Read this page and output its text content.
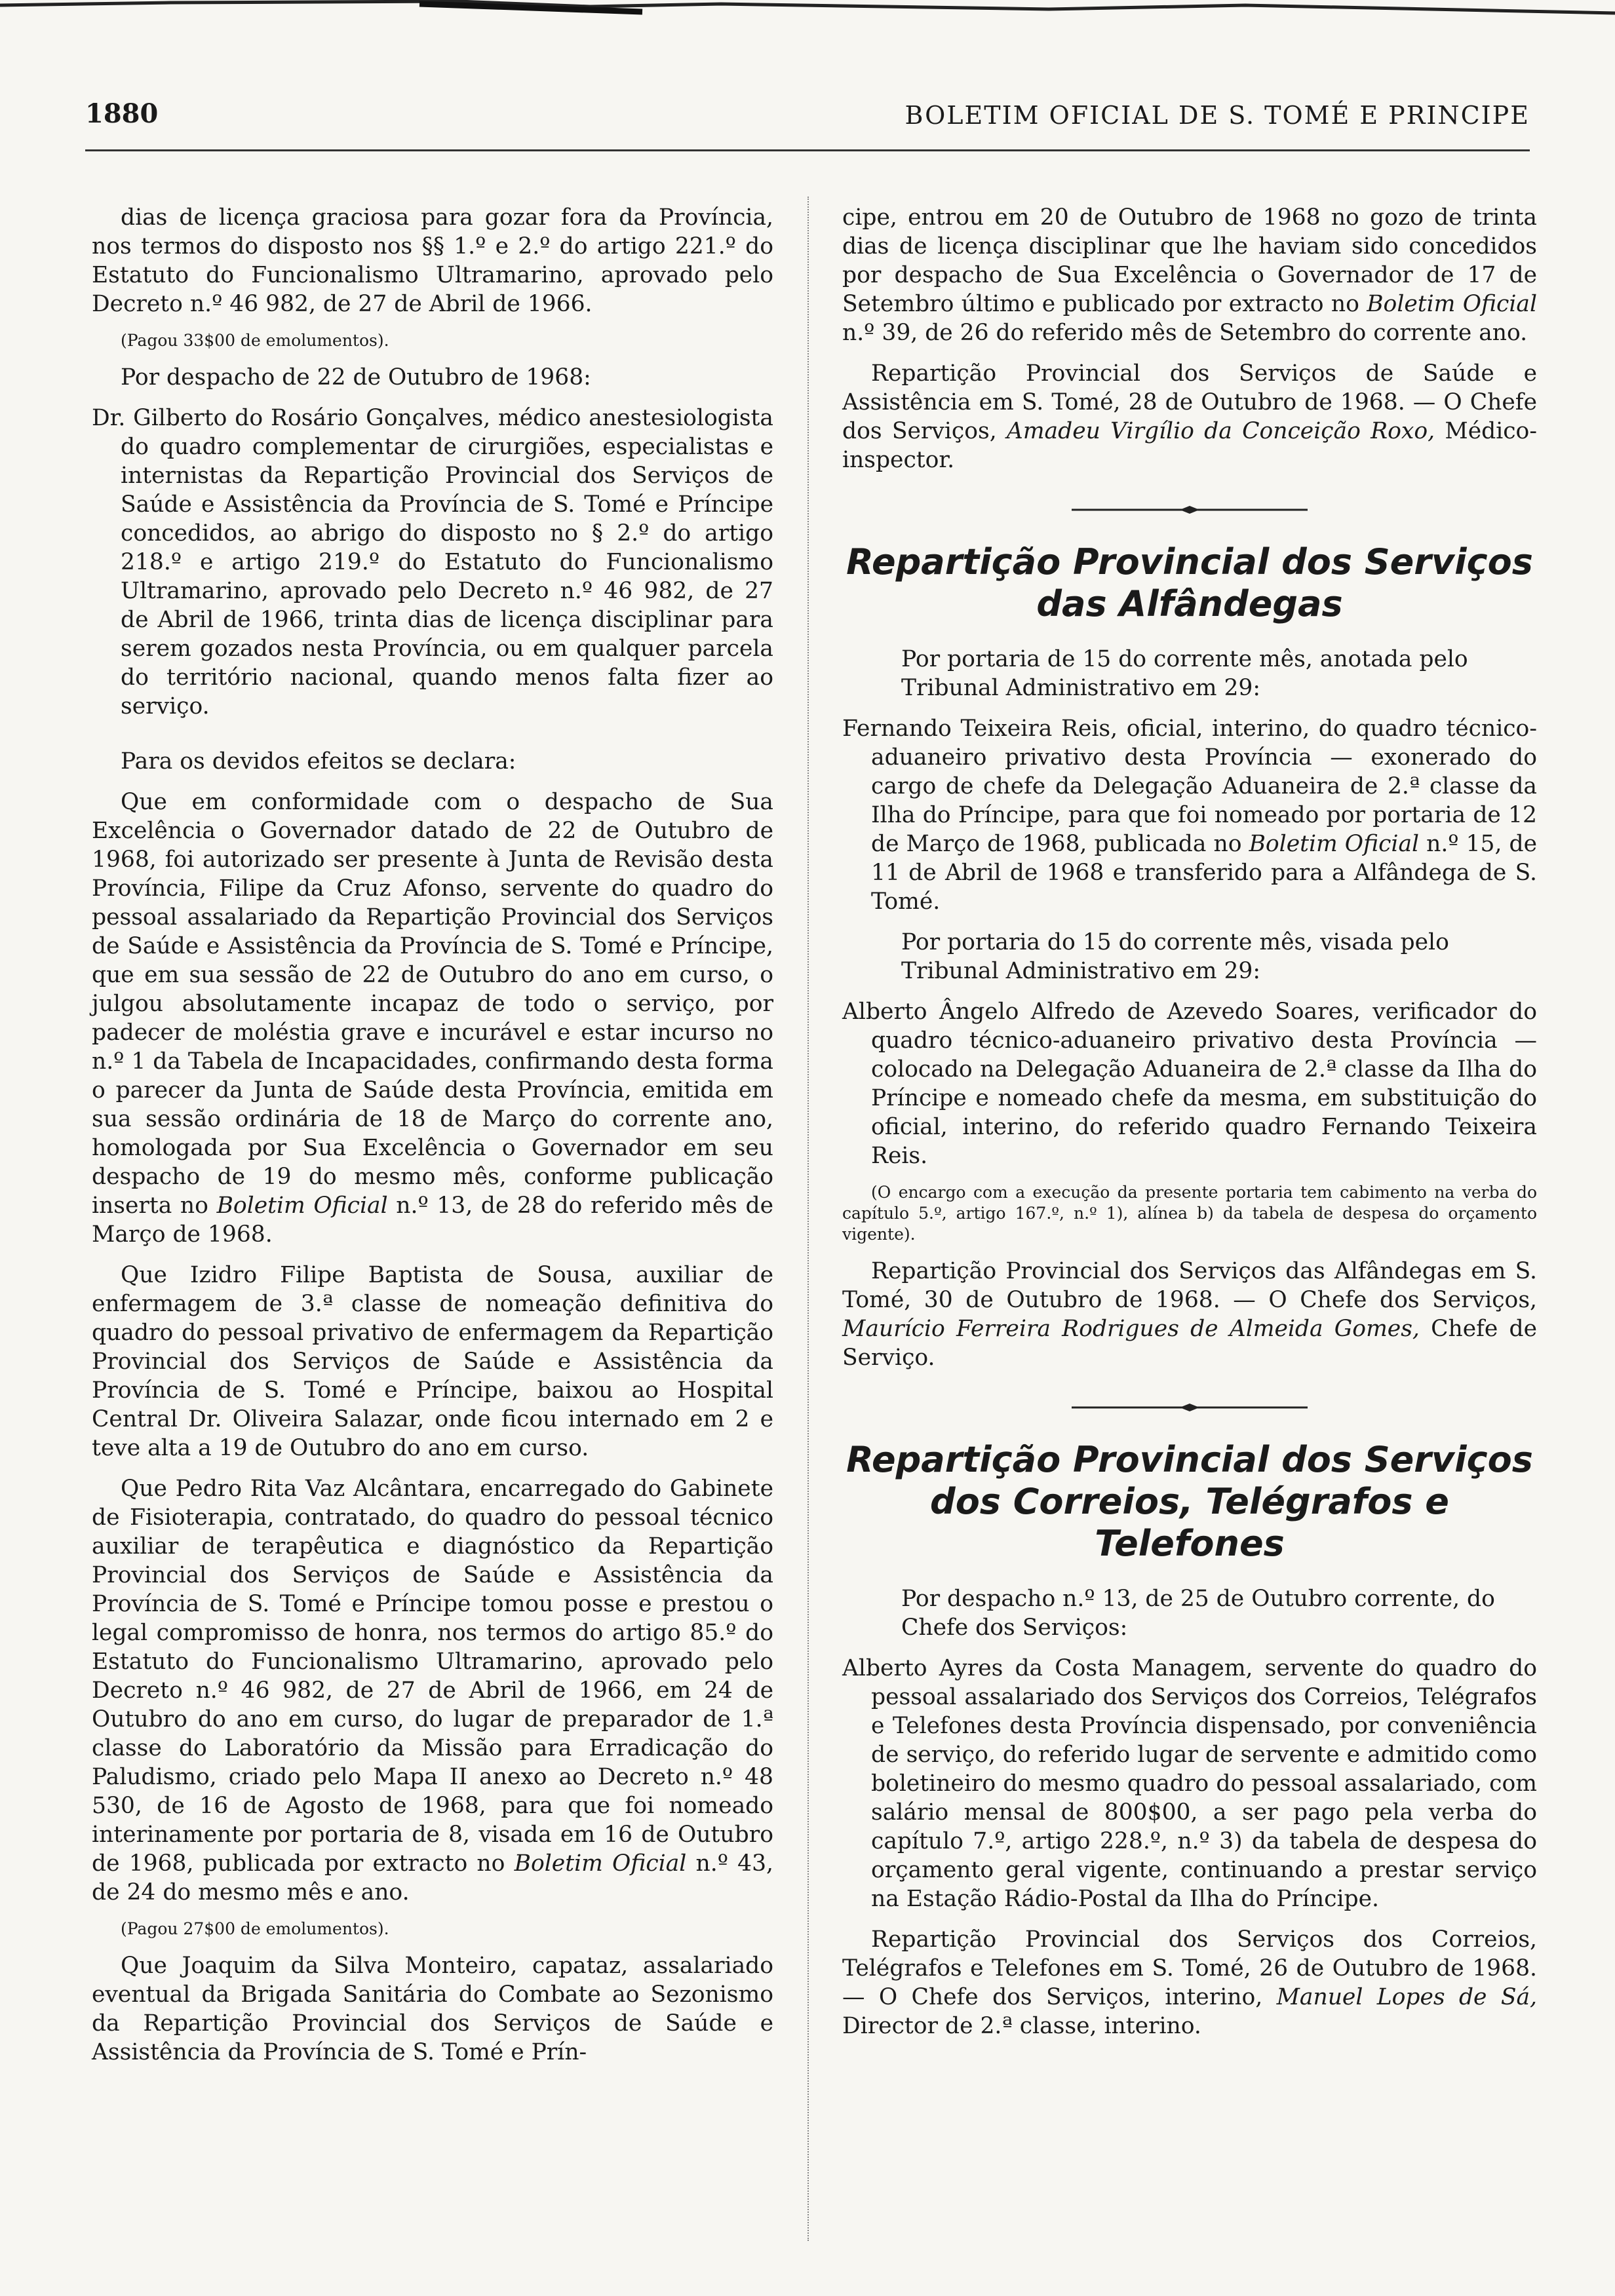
1880	BOLETIM OFICIAL DE S. TOMÉ E PRINCIPE

dias de licença graciosa para gozar fora da Província, nos termos do disposto nos §§ 1.º e 2.º do artigo 221.º do Estatuto do Funcionalismo Ultramarino, aprovado pelo Decreto n.º 46 982, de 27 de Abril de 1966.

(Pagou 33$00 de emolumentos).

Por despacho de 22 de Outubro de 1968:

Dr. Gilberto do Rosário Gonçalves, médico anestesiologista do quadro complementar de cirurgiões, especialistas e internistas da Repartição Provincial dos Serviços de Saúde e Assistência da Província de S. Tomé e Príncipe concedidos, ao abrigo do disposto no § 2.º do artigo 218.º e artigo 219.º do Estatuto do Funcionalismo Ultramarino, aprovado pelo Decreto n.º 46 982, de 27 de Abril de 1966, trinta dias de licença disciplinar para serem gozados nesta Província, ou em qualquer parcela do território nacional, quando menos falta fizer ao serviço.

Para os devidos efeitos se declara:

Que em conformidade com o despacho de Sua Excelência o Governador datado de 22 de Outubro de 1968, foi autorizado ser presente à Junta de Revisão desta Província, Filipe da Cruz Afonso, servente do quadro do pessoal assalariado da Repartição Provincial dos Serviços de Saúde e Assistência da Província de S. Tomé e Príncipe, que em sua sessão de 22 de Outubro do ano em curso, o julgou absolutamente incapaz de todo o serviço, por padecer de moléstia grave e incurável e estar incurso no n.º 1 da Tabela de Incapacidades, confirmando desta forma o parecer da Junta de Saúde desta Província, emitida em sua sessão ordinária de 18 de Março do corrente ano, homologada por Sua Excelência o Governador em seu despacho de 19 do mesmo mês, conforme publicação inserta no Boletim Oficial n.º 13, de 28 do referido mês de Março de 1968.

Que Izidro Filipe Baptista de Sousa, auxiliar de enfermagem de 3.ª classe de nomeação definitiva do quadro do pessoal privativo de enfermagem da Repartição Provincial dos Serviços de Saúde e Assistência da Província de S. Tomé e Príncipe, baixou ao Hospital Central Dr. Oliveira Salazar, onde ficou internado em 2 e teve alta a 19 de Outubro do ano em curso.

Que Pedro Rita Vaz Alcântara, encarregado do Gabinete de Fisioterapia, contratado, do quadro do pessoal técnico auxiliar de terapêutica e diagnóstico da Repartição Provincial dos Serviços de Saúde e Assistência da Província de S. Tomé e Príncipe tomou posse e prestou o legal compromisso de honra, nos termos do artigo 85.º do Estatuto do Funcionalismo Ultramarino, aprovado pelo Decreto n.º 46 982, de 27 de Abril de 1966, em 24 de Outubro do ano em curso, do lugar de preparador de 1.ª classe do Laboratório da Missão para Erradicação do Paludismo, criado pelo Mapa II anexo ao Decreto n.º 48 530, de 16 de Agosto de 1968, para que foi nomeado interinamente por portaria de 8, visada em 16 de Outubro de 1968, publicada por extracto no Boletim Oficial n.º 43, de 24 do mesmo mês e ano.

(Pagou 27$00 de emolumentos).

Que Joaquim da Silva Monteiro, capataz, assalariado eventual da Brigada Sanitária do Combate ao Sezonismo da Repartição Provincial dos Serviços de Saúde e Assistência da Província de S. Tomé e Prín-

cipe, entrou em 20 de Outubro de 1968 no gozo de trinta dias de licença disciplinar que lhe haviam sido concedidos por despacho de Sua Excelência o Governador de 17 de Setembro último e publicado por extracto no Boletim Oficial n.º 39, de 26 do referido mês de Setembro do corrente ano.

Repartição Provincial dos Serviços de Saúde e Assistência em S. Tomé, 28 de Outubro de 1968. — O Chefe dos Serviços, Amadeu Virgílio da Conceição Roxo, Médico-inspector.

Repartição Provincial dos Serviços
das Alfândegas

Por portaria de 15 do corrente mês, anotada pelo Tribunal Administrativo em 29:

Fernando Teixeira Reis, oficial, interino, do quadro técnico-aduaneiro privativo desta Província — exonerado do cargo de chefe da Delegação Aduaneira de 2.ª classe da Ilha do Príncipe, para que foi nomeado por portaria de 12 de Março de 1968, publicada no Boletim Oficial n.º 15, de 11 de Abril de 1968 e transferido para a Alfândega de S. Tomé.

Por portaria do 15 do corrente mês, visada pelo Tribunal Administrativo em 29:

Alberto Ângelo Alfredo de Azevedo Soares, verificador do quadro técnico-aduaneiro privativo desta Província — colocado na Delegação Aduaneira de 2.ª classe da Ilha do Príncipe e nomeado chefe da mesma, em substituição do oficial, interino, do referido quadro Fernando Teixeira Reis.

(O encargo com a execução da presente portaria tem cabimento na verba do capítulo 5.º, artigo 167.º, n.º 1), alínea b) da tabela de despesa do orçamento vigente).

Repartição Provincial dos Serviços das Alfândegas em S. Tomé, 30 de Outubro de 1968. — O Chefe dos Serviços, Maurício Ferreira Rodrigues de Almeida Gomes, Chefe de Serviço.

Repartição Provincial dos Serviços
dos Correios, Telégrafos e Telefones

Por despacho n.º 13, de 25 de Outubro corrente, do Chefe dos Serviços:

Alberto Ayres da Costa Managem, servente do quadro do pessoal assalariado dos Serviços dos Correios, Telégrafos e Telefones desta Província dispensado, por conveniência de serviço, do referido lugar de servente e admitido como boletineiro do mesmo quadro do pessoal assalariado, com salário mensal de 800$00, a ser pago pela verba do capítulo 7.º, artigo 228.º, n.º 3) da tabela de despesa do orçamento geral vigente, continuando a prestar serviço na Estação Rádio-Postal da Ilha do Príncipe.

Repartição Provincial dos Serviços dos Correios, Telégrafos e Telefones em S. Tomé, 26 de Outubro de 1968. — O Chefe dos Serviços, interino, Manuel Lopes de Sá, Director de 2.ª classe, interino.
